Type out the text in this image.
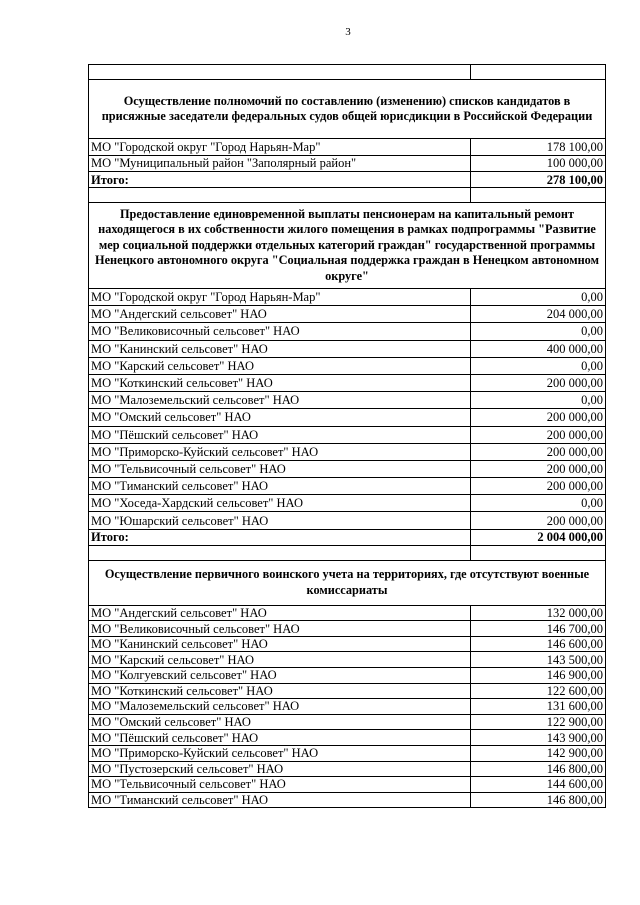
3

Осуществление полномочий по составлению (изменению) списков кандидатов в присяжные заседатели федеральных судов общей юрисдикции в Российской Федерации	
МО "Городской округ "Город Нарьян-Мар"	178 100,00
МО "Муниципальный район "Заполярный район"	100 000,00
Итого:	278 100,00

Предоставление единовременной выплаты пенсионерам на капитальный ремонт находящегося в их собственности жилого помещения в рамках подпрограммы "Развитие мер социальной поддержки отдельных категорий граждан" государственной программы Ненецкого автономного округа "Социальная поддержка граждан в Ненецком автономном округе"	
МО "Городской округ "Город Нарьян-Мар"	0,00
МО "Андегский сельсовет" НАО	204 000,00
МО "Великовисочный сельсовет" НАО	0,00
МО "Канинский сельсовет" НАО	400 000,00
МО "Карский сельсовет" НАО	0,00
МО "Коткинский сельсовет" НАО	200 000,00
МО "Малоземельский сельсовет" НАО	0,00
МО "Омский сельсовет" НАО	200 000,00
МО "Пёшский сельсовет" НАО	200 000,00
МО "Приморско-Куйский сельсовет" НАО	200 000,00
МО "Тельвисочный сельсовет" НАО	200 000,00
МО "Тиманский сельсовет" НАО	200 000,00
МО "Хоседа-Хардский сельсовет" НАО	0,00
МО "Юшарский сельсовет" НАО	200 000,00
Итого:	2 004 000,00

Осуществление первичного воинского учета на территориях, где отсутствуют военные комиссариаты	
МО "Андегский сельсовет" НАО	132 000,00
МО "Великовисочный сельсовет" НАО	146 700,00
МО "Канинский сельсовет" НАО	146 600,00
МО "Карский сельсовет" НАО	143 500,00
МО "Колгуевский сельсовет" НАО	146 900,00
МО "Коткинский сельсовет" НАО	122 600,00
МО "Малоземельский сельсовет" НАО	131 600,00
МО "Омский сельсовет" НАО	122 900,00
МО "Пёшский сельсовет" НАО	143 900,00
МО "Приморско-Куйский сельсовет" НАО	142 900,00
МО "Пустозерский сельсовет" НАО	146 800,00
МО "Тельвисочный сельсовет" НАО	144 600,00
МО "Тиманский сельсовет" НАО	146 800,00
